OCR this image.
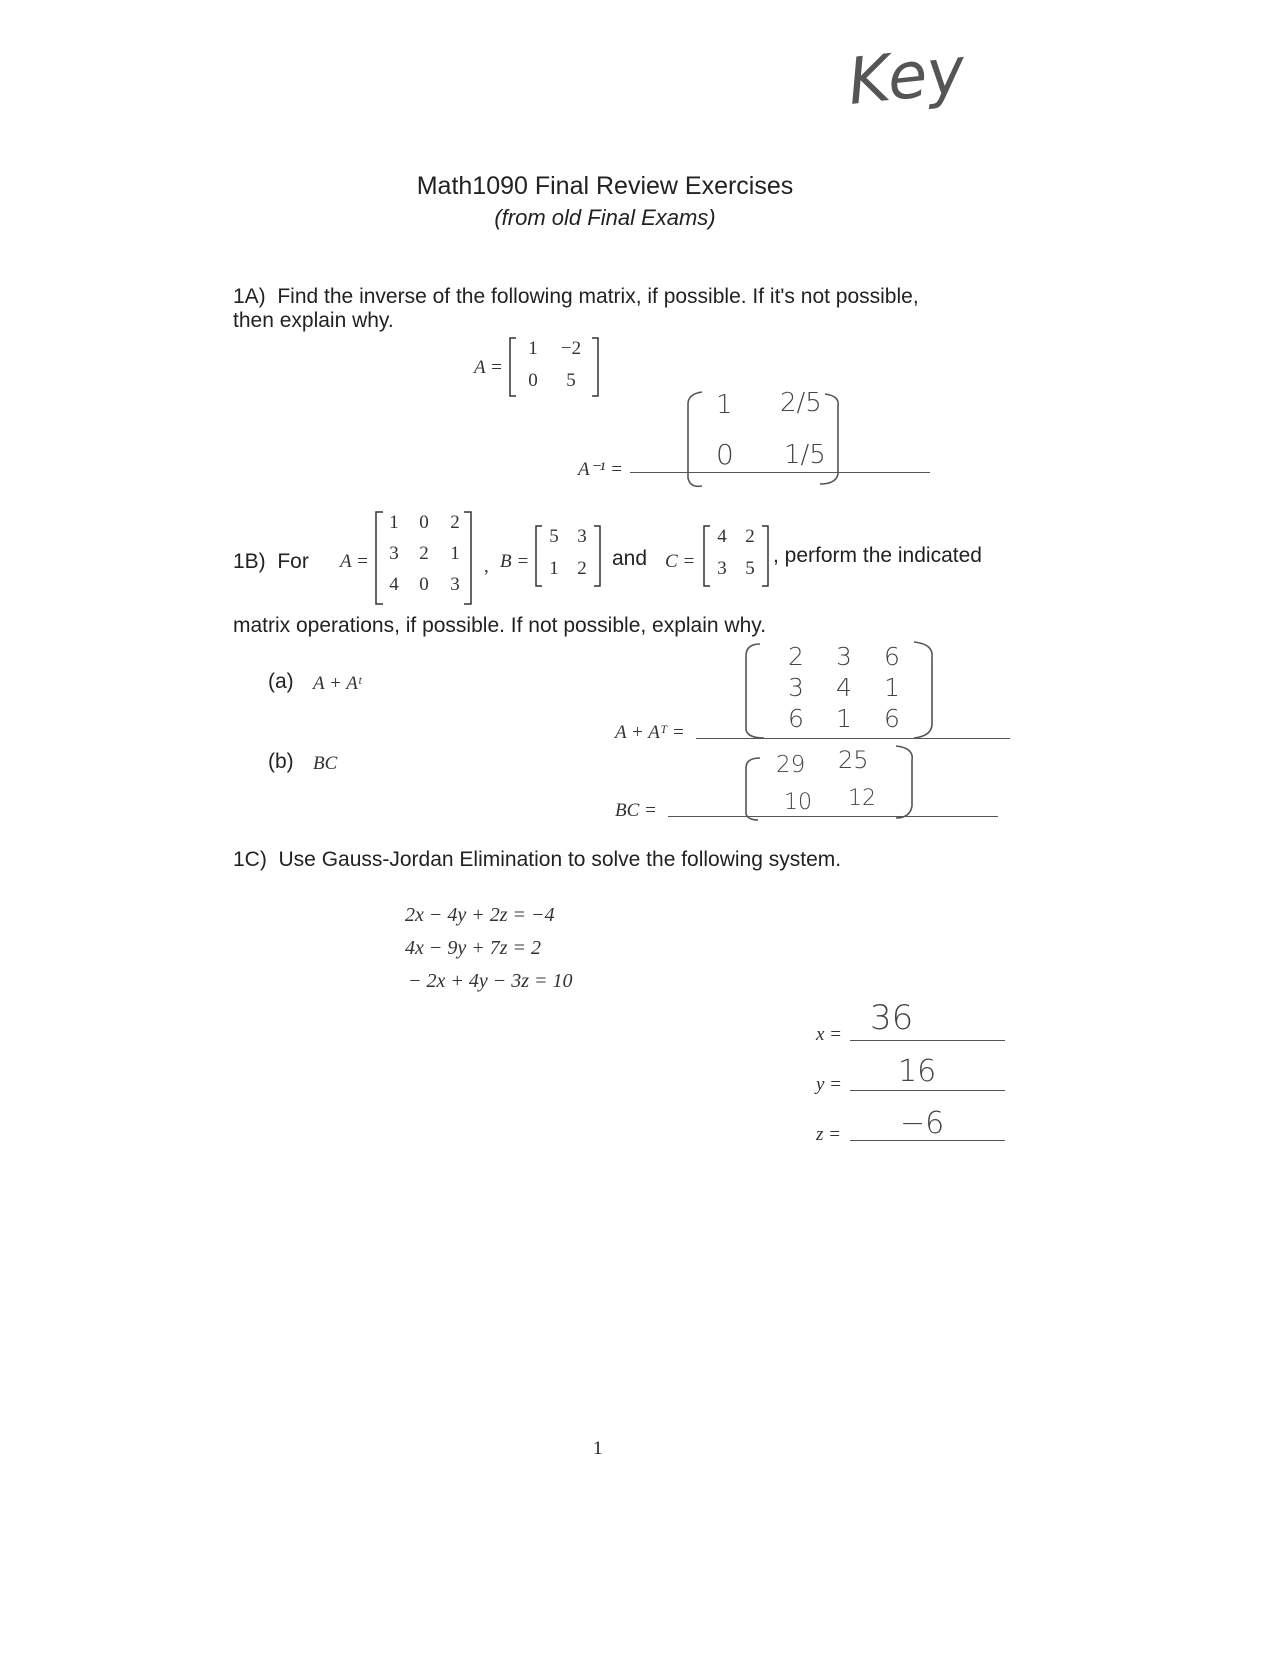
Key
Math1090 Final Review Exercises
(from old Final Exams)
1A) Find the inverse of the following matrix, if possible. If it's not possible,
then explain why.
A =
1	−2
0	5
A⁻¹ =
1 2/5
0 1/5
1B) For A =
1	0	2
3	2	1
4	0	3
, B =
5 3
1 2	and C =
4 2
3 5
, perform the indicated
matrix operations, if possible. If not possible, explain why.
(a) A + Aᵗ
A + Aᵀ =
2	3	6
3	4	1
6	1	6
(b) BC
BC =
29 25
10 12
1C) Use Gauss-Jordan Elimination to solve the following system.
2x − 4y + 2z = −4
4x − 9y + 7z = 2
− 2x + 4y − 3z = 10
x = 36
y = 16
z = −6
1
